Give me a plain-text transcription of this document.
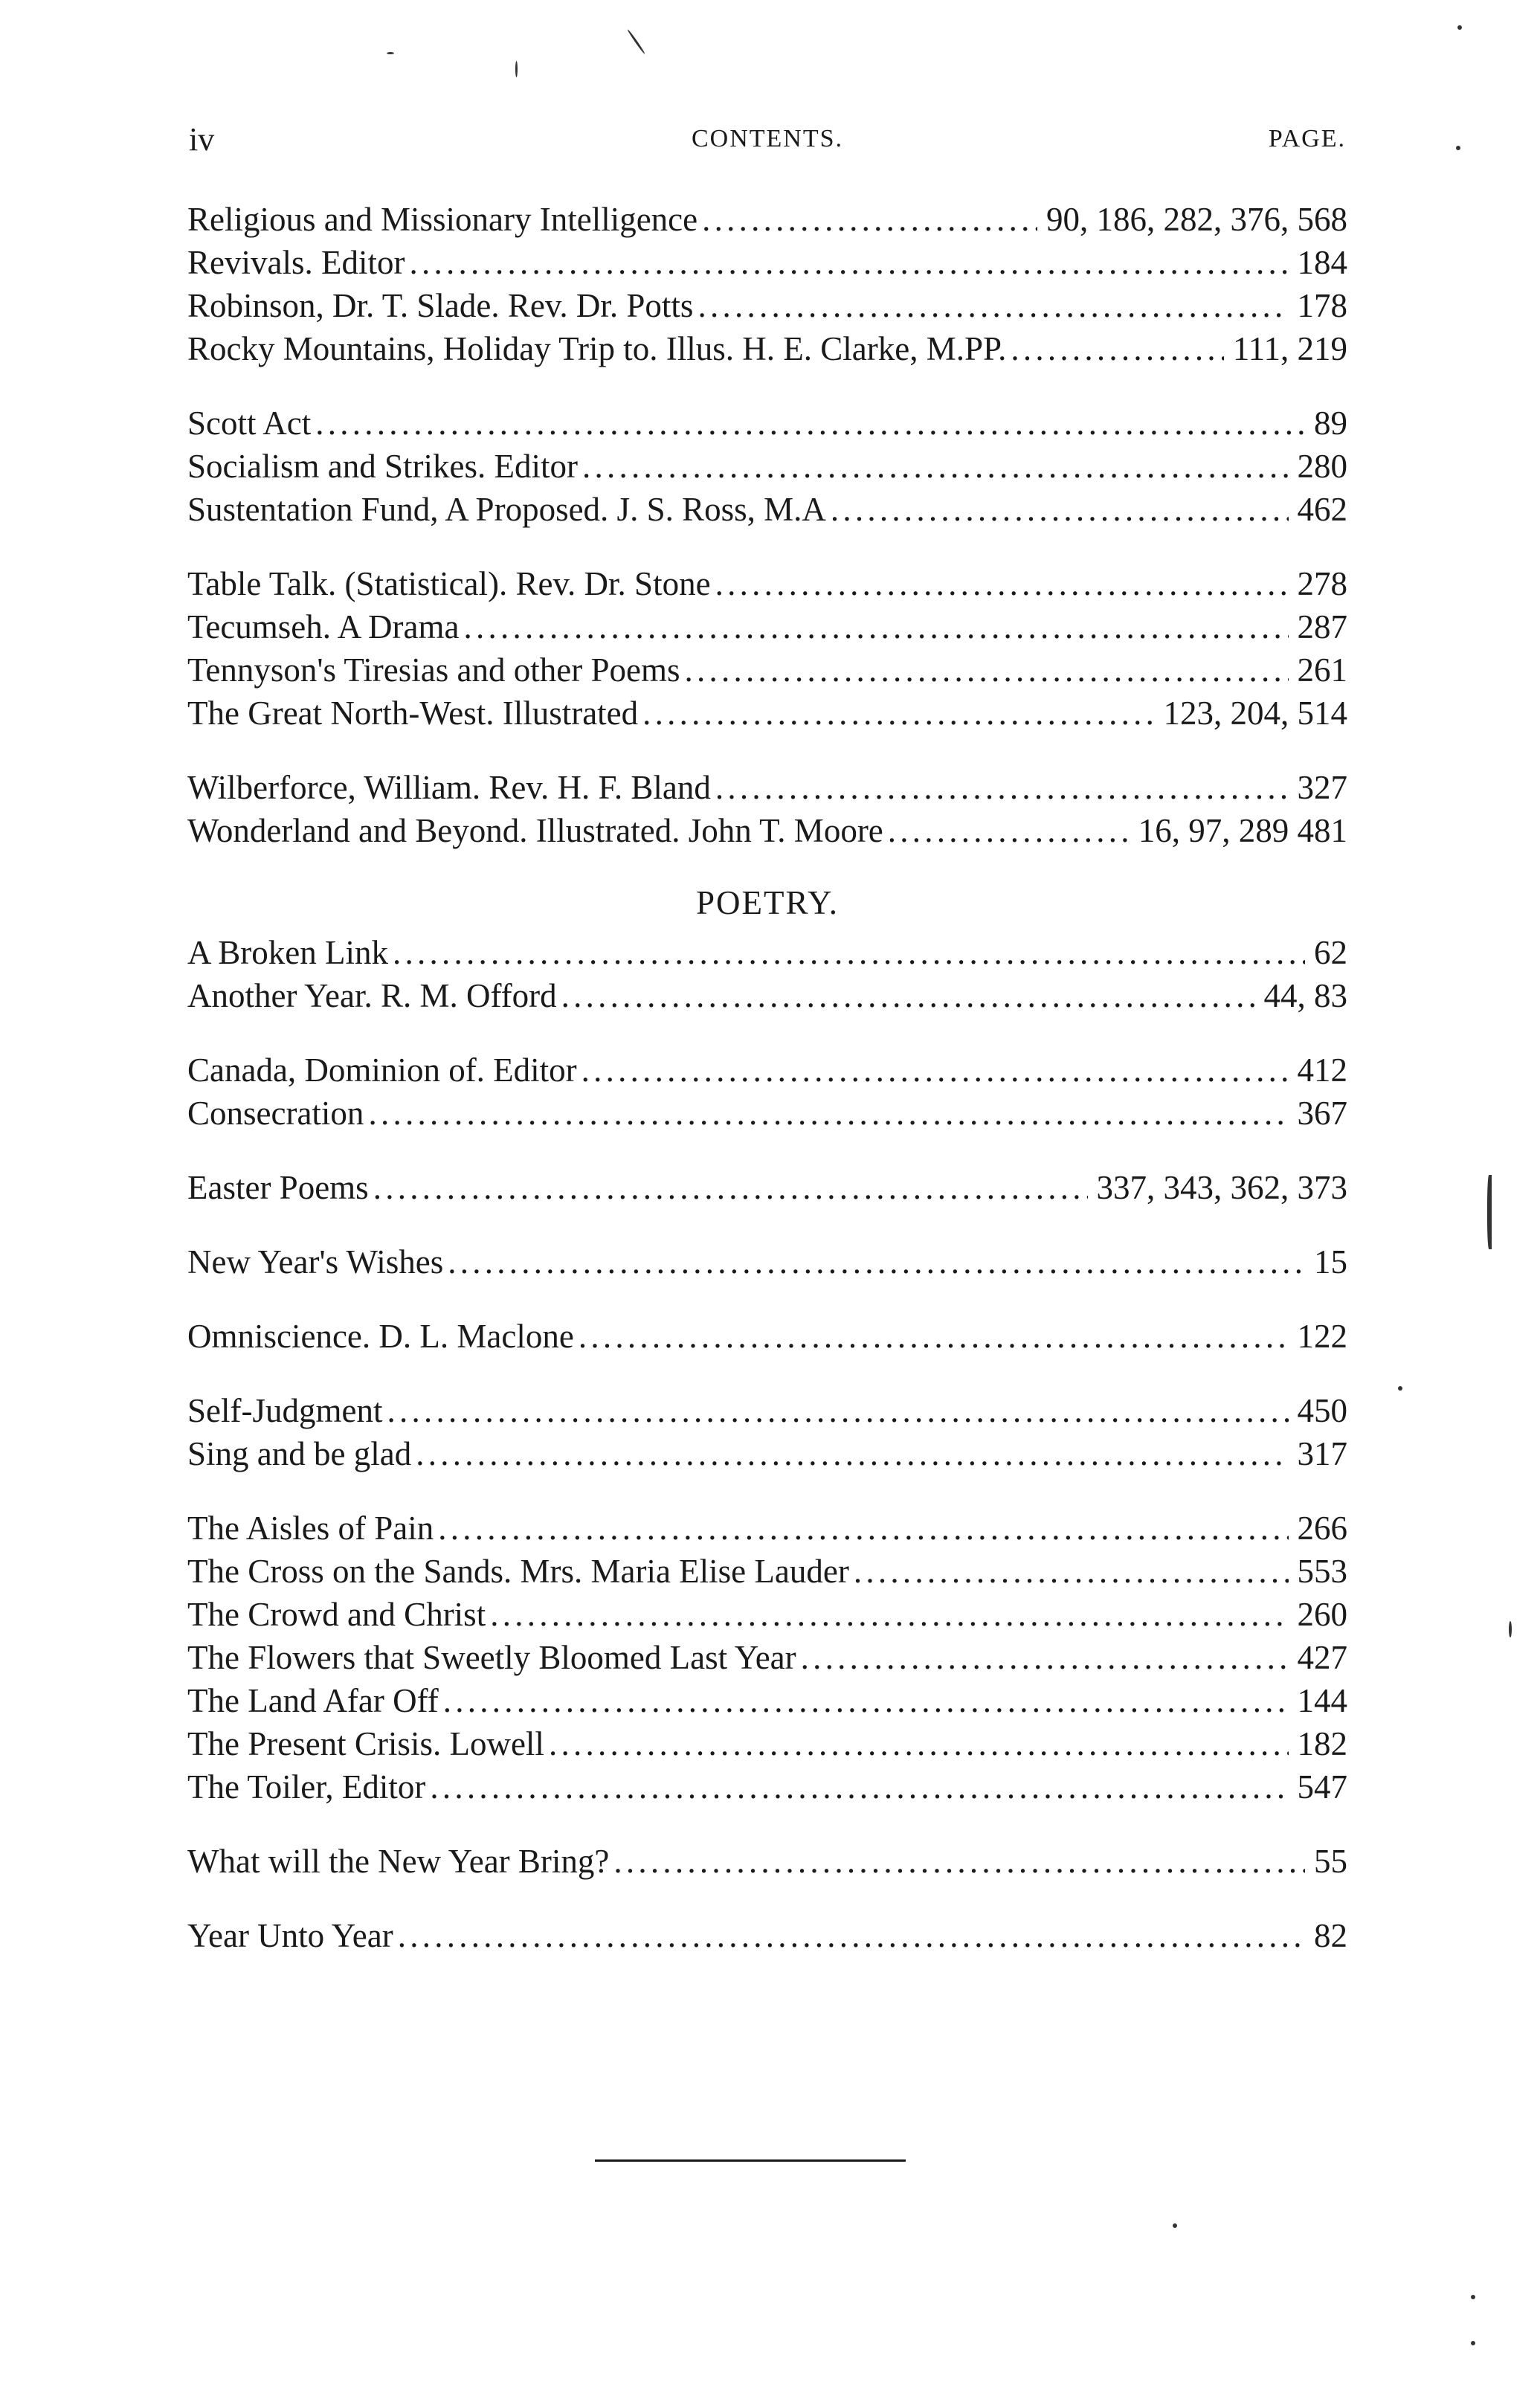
iv	CONTENTS.	PAGE.
Religious and Missionary Intelligence . . .	90, 186, 282, 376, 568
Revivals. Editor . . .	184
Robinson, Dr. T. Slade. Rev. Dr. Potts . . .	178
Rocky Mountains, Holiday Trip to. Illus. H. E. Clarke, M.PP. . . .	111, 219
Scott Act . . .	89
Socialism and Strikes. Editor . . .	280
Sustentation Fund, A Proposed. J. S. Ross, M.A . . .	462
Table Talk. (Statistical). Rev. Dr. Stone . . .	278
Tecumseh. A Drama . . .	287
Tennyson's Tiresias and other Poems . . .	261
The Great North-West. Illustrated . . .	123, 204, 514
Wilberforce, William. Rev. H. F. Bland . . .	327
Wonderland and Beyond. Illustrated. John T. Moore . . .	16, 97, 289 481
POETRY.
A Broken Link . . .	62
Another Year. R. M. Offord . . .	44, 83
Canada, Dominion of. Editor . . .	412
Consecration . . .	367
Easter Poems . . .	337, 343, 362, 373
New Year's Wishes . . .	15
Omniscience. D. L. Maclone . . .	122
Self-Judgment . . .	450
Sing and be glad . . .	317
The Aisles of Pain . . .	266
The Cross on the Sands. Mrs. Maria Elise Lauder . . .	553
The Crowd and Christ . . .	260
The Flowers that Sweetly Bloomed Last Year . . .	427
The Land Afar Off . . .	144
The Present Crisis. Lowell . . .	182
The Toiler, Editor . . .	547
What will the New Year Bring? . . .	55
Year Unto Year . . .	82
